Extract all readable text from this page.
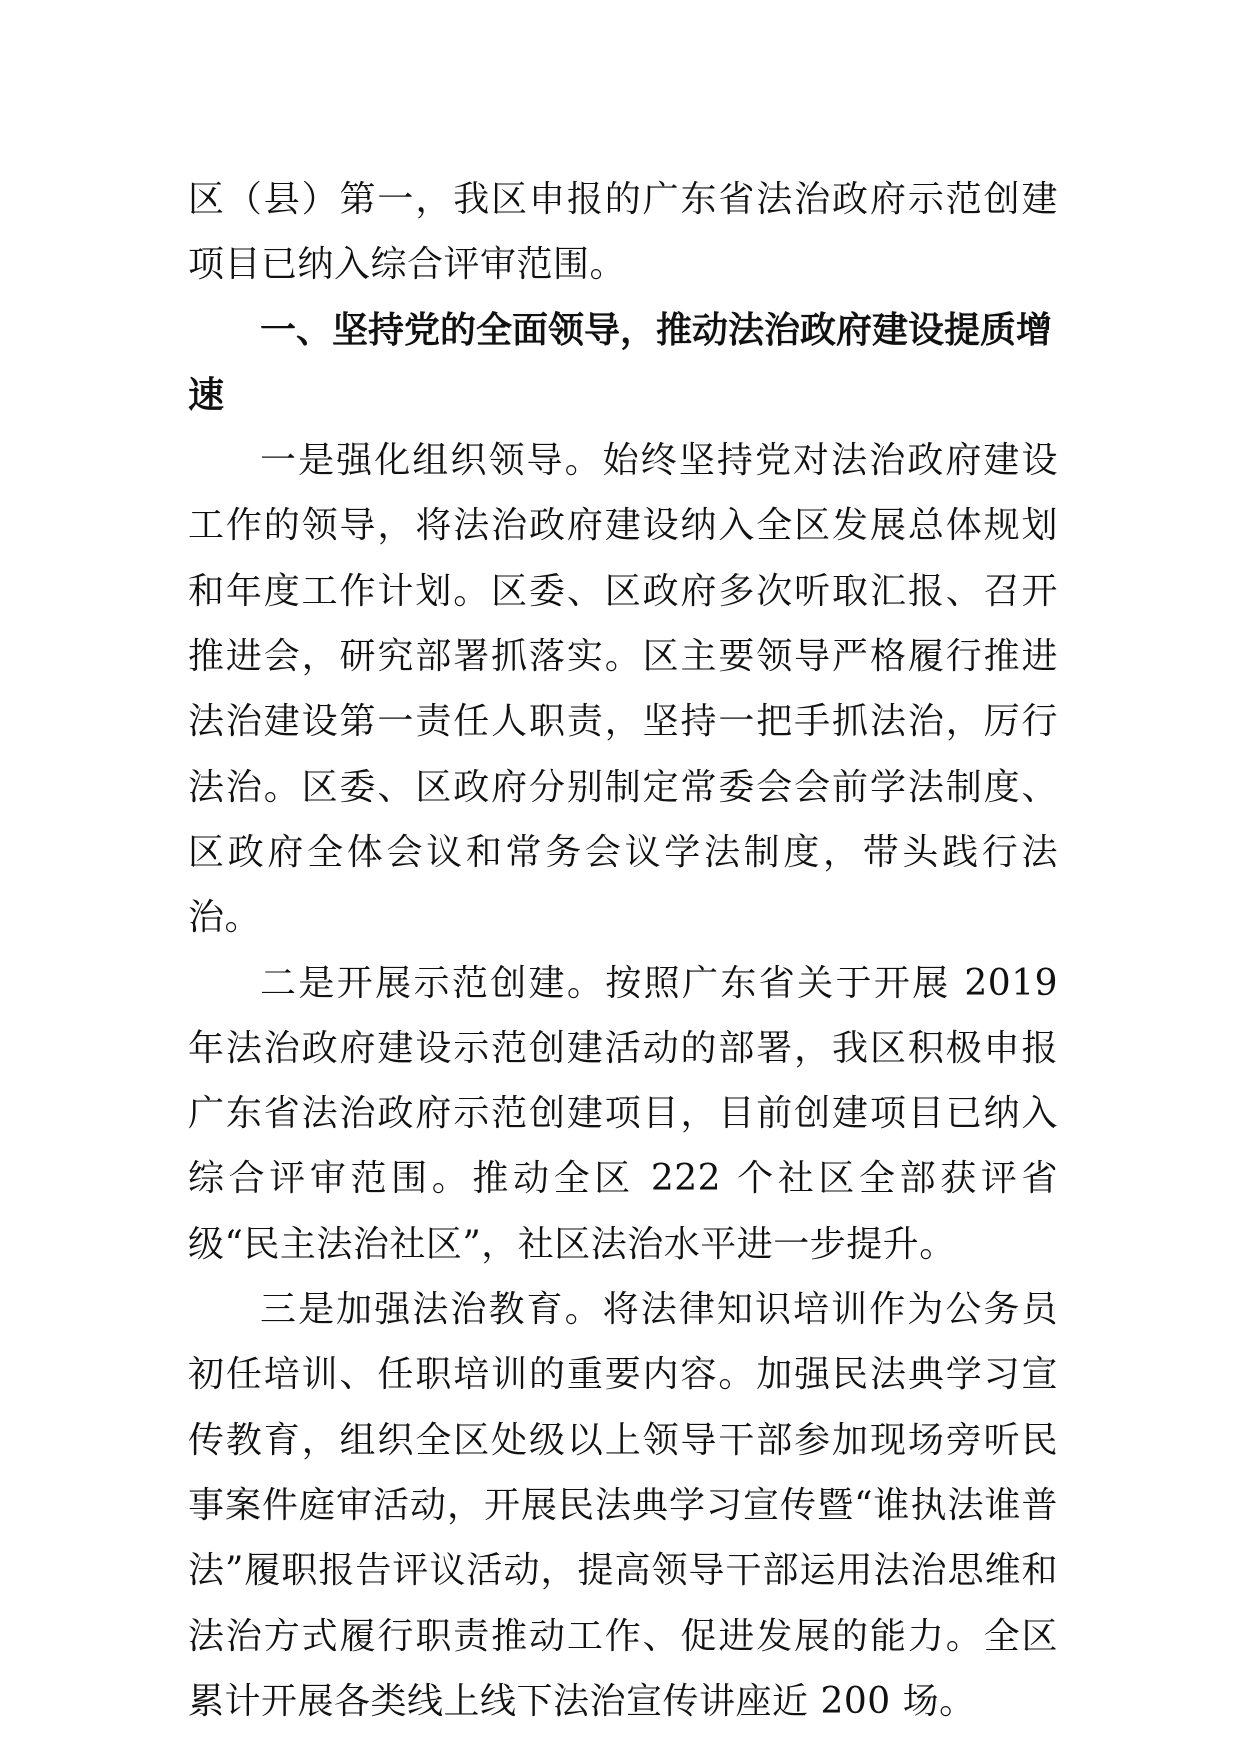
区（县）第一，我区申报的广东省法治政府示范创建项目已纳入综合评审范围。

一、坚持党的全面领导，推动法治政府建设提质增速

一是强化组织领导。始终坚持党对法治政府建设工作的领导，将法治政府建设纳入全区发展总体规划和年度工作计划。区委、区政府多次听取汇报、召开推进会，研究部署抓落实。区主要领导严格履行推进法治建设第一责任人职责，坚持一把手抓法治，厉行法治。区委、区政府分别制定常委会会前学法制度、区政府全体会议和常务会议学法制度，带头践行法治。

二是开展示范创建。按照广东省关于开展 2019 年法治政府建设示范创建活动的部署，我区积极申报广东省法治政府示范创建项目，目前创建项目已纳入综合评审范围。推动全区 222 个社区全部获评省级“民主法治社区”，社区法治水平进一步提升。

三是加强法治教育。将法律知识培训作为公务员初任培训、任职培训的重要内容。加强民法典学习宣传教育，组织全区处级以上领导干部参加现场旁听民事案件庭审活动，开展民法典学习宣传暨“谁执法谁普法”履职报告评议活动，提高领导干部运用法治思维和法治方式履行职责推动工作、促进发展的能力。全区累计开展各类线上线下法治宣传讲座近 200 场。
